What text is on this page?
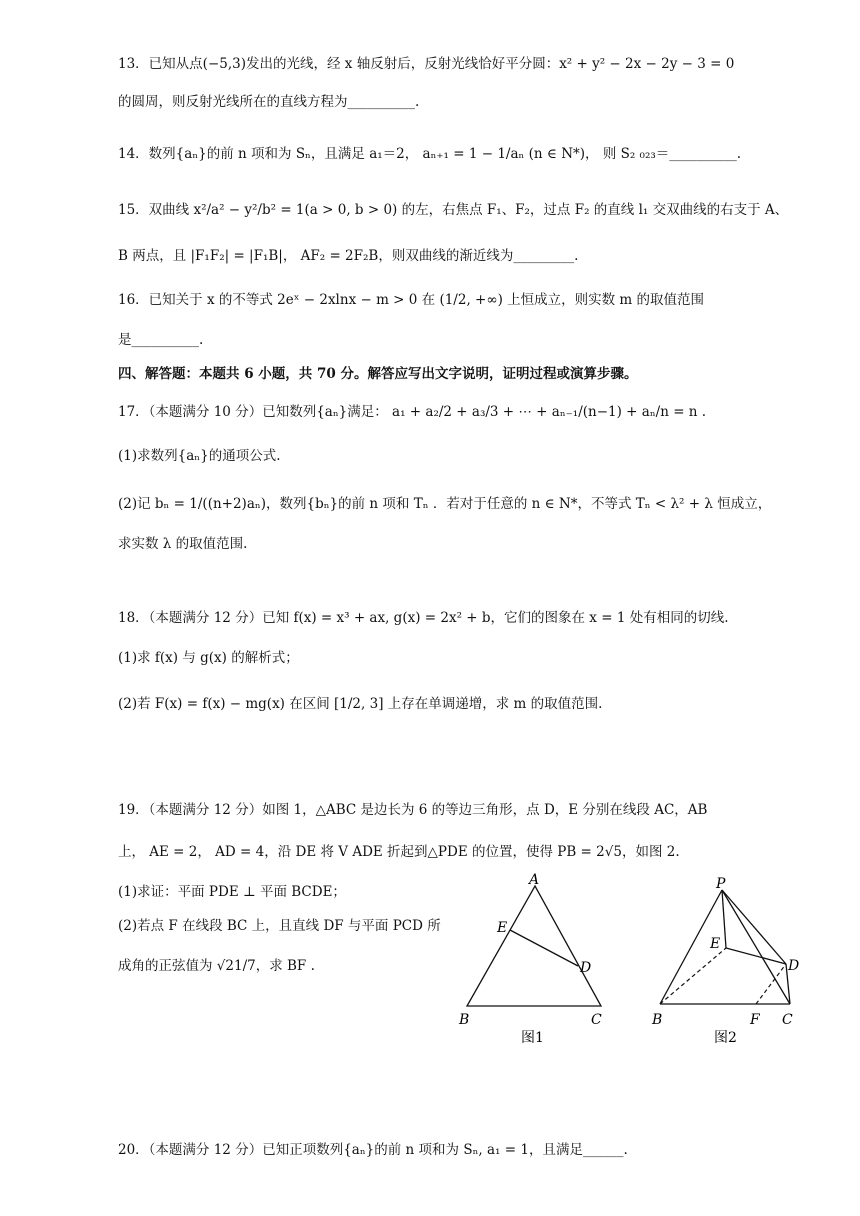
13．已知从点(−5,3)发出的光线，经 x 轴反射后，反射光线恰好平分圆：x² + y² − 2x − 2y − 3 = 0
的圆周，则反射光线所在的直线方程为__________.
14．数列{aₙ}的前 n 项和为 Sₙ，且满足 a₁＝2， aₙ₊₁ = 1 − 1/aₙ (n ∈ N*)， 则 S₂ ₀₂₃＝__________.
15．双曲线 x²/a² − y²/b² = 1(a > 0, b > 0) 的左，右焦点 F₁、F₂，过点 F₂ 的直线 l₁ 交双曲线的右支于 A、
B 两点，且 |F₁F₂| = |F₁B|， AF₂ = 2F₂B，则双曲线的渐近线为_________.
16．已知关于 x 的不等式 2eˣ − 2xlnx − m > 0 在 (1/2, +∞) 上恒成立，则实数 m 的取值范围
是__________.
四、解答题：本题共 6 小题，共 70 分。解答应写出文字说明，证明过程或演算步骤。
17．（本题满分 10 分）已知数列{aₙ}满足： a₁ + a₂/2 + a₃/3 + ⋯ + aₙ₋₁/(n−1) + aₙ/n = n .
(1)求数列{aₙ}的通项公式.
(2)记 bₙ = 1/((n+2)aₙ)，数列{bₙ}的前 n 项和 Tₙ ．若对于任意的 n ∈ N*，不等式 Tₙ < λ² + λ 恒成立，
求实数 λ 的取值范围.
18．（本题满分 12 分）已知 f(x) = x³ + ax, g(x) = 2x² + b，它们的图象在 x = 1 处有相同的切线.
(1)求 f(x) 与 g(x) 的解析式；
(2)若 F(x) = f(x) − mg(x) 在区间 [1/2, 3] 上存在单调递增，求 m 的取值范围.
19．（本题满分 12 分）如图 1，△ABC 是边长为 6 的等边三角形，点 D，E 分别在线段 AC，AB
上， AE = 2， AD = 4，沿 DE 将 V ADE 折起到△PDE 的位置，使得 PB = 2√5，如图 2.
(1)求证：平面 PDE ⊥ 平面 BCDE；
(2)若点 F 在线段 BC 上，且直线 DF 与平面 PCD 所
成角的正弦值为 √21/7，求 BF .
A
E
D
B	C
图1
P
E
D
B	F C
图2
20．（本题满分 12 分）已知正项数列{aₙ}的前 n 项和为 Sₙ, a₁ = 1，且满足______.
